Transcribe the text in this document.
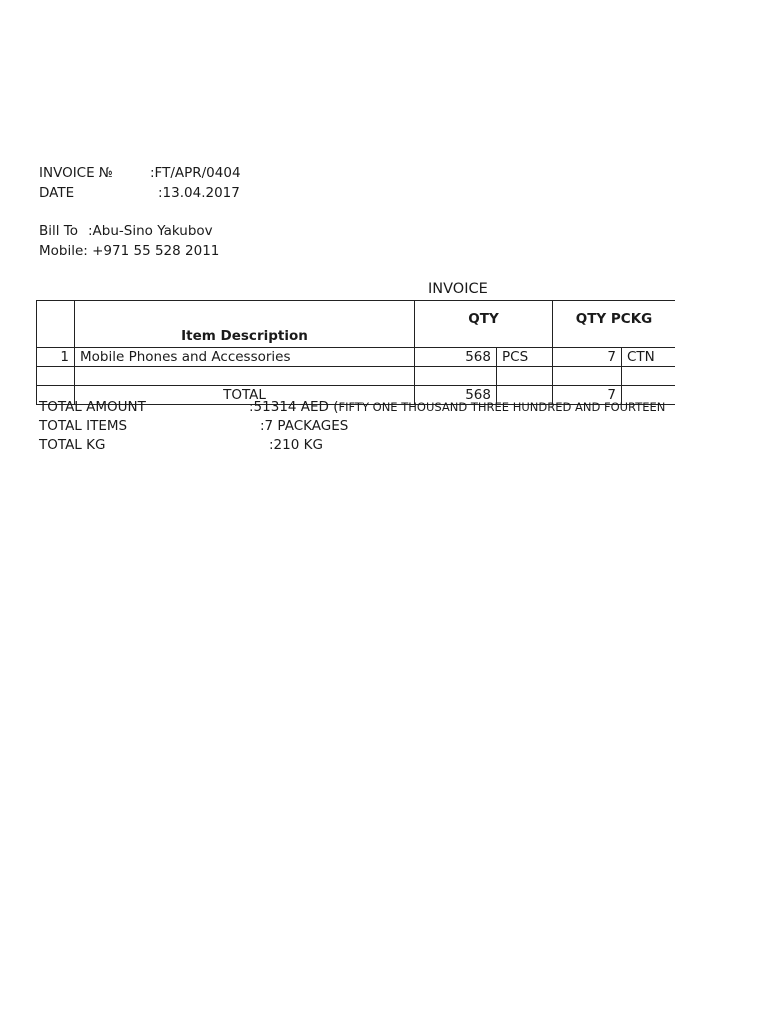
INVOICE №	:FT/APR/0404
DATE	:13.04.2017
Bill To :Abu-Sino Yakubov
Mobile: +971 55 528 2011
INVOICE
	Item Description	QTY		QTY PCKG	
1	Mobile Phones and Accessories	568	PCS	7	CTN

	TOTAL	568		7	
TOTAL AMOUNT	:51314 AED (FIFTY ONE THOUSAND THREE HUNDRED AND FOURTEEN
TOTAL ITEMS	:7 PACKAGES
TOTAL KG	:210 KG
